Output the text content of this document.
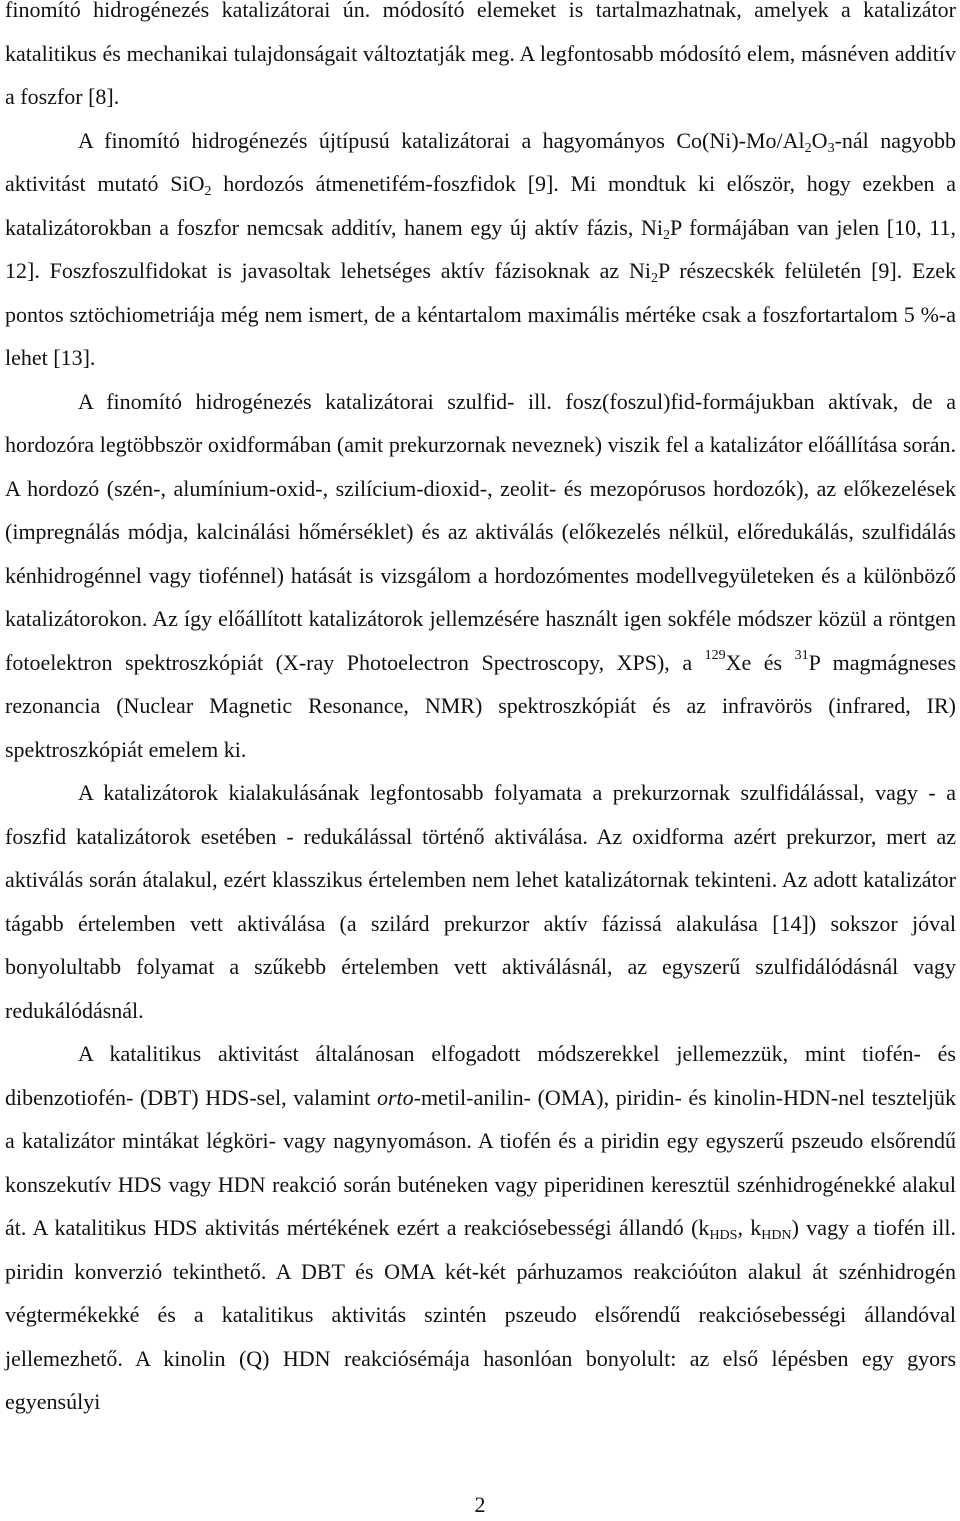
finomító hidrogénezés katalizátorai ún. módosító elemeket is tartalmazhatnak, amelyek a katalizátor katalitikus és mechanikai tulajdonságait változtatják meg. A legfontosabb módosító elem, másnéven additív a foszfor [8].

A finomító hidrogénezés újtípusú katalizátorai a hagyományos $Co(Ni)-Mo/Al_2O_3$-nál nagyobb aktivitást mutató SiO$_2$ hordozós átmenetifém-foszfidok [9]. Mi mondtuk ki először, hogy ezekben a katalizátorokban a foszfor nemcsak additív, hanem egy új aktív fázis, $Ni_2P$ formájában van jelen [10, 11, 12]. Foszfoszulfidokat is javasoltak lehetséges aktív fázisoknak az $Ni_2P$ részecskék felületén [9]. Ezek pontos sztöchiometriája még nem ismert, de a kéntartalom maximális mértéke csak a foszfortartalom 5 %-a lehet [13].

A finomító hidrogénezés katalizátorai szulfid- ill. fosz(foszul)fid-formájukban aktívak, de a hordozóra legtöbbször oxidformában (amit prekurzornak neveznek) viszik fel a katalizátor előállítása során. A hordozó (szén-, alumínium-oxid-, szilícium-dioxid-, zeolit- és mezopórusos hordozók), az előkezelések (impregnálás módja, kalcinálási hőmérséklet) és az aktiválás (előkezelés nélkül, előredukálás, szulfidálás kénhidrogénnel vagy tiofénnel) hatását is vizsgálom a hordozómentes modellvegyületeken és a különböző katalizátorokon. Az így előállított katalizátorok jellemzésére használt igen sokféle módszer közül a röntgen fotoelektron spektroszkópiát (X-ray Photoelectron Spectroscopy, XPS), a $^{129}$Xe és $^{31}$P magmágneses rezonancia (Nuclear Magnetic Resonance, NMR) spektroszkópiát és az infravörös (infrared, IR) spektroszkópiát emelem ki.

A katalizátorok kialakulásának legfontosabb folyamata a prekurzornak szulfidálással, vagy - a foszfid katalizátorok esetében - redukálással történő aktiválása. Az oxidforma azért prekurzor, mert az aktiválás során átalakul, ezért klasszikus értelemben nem lehet katalizátornak tekinteni. Az adott katalizátor tágabb értelemben vett aktiválása (a szilárd prekurzor aktív fázissá alakulása [14]) sokszor jóval bonyolultabb folyamat a szűkebb értelemben vett aktiválásnál, az egyszerű szulfidálódásnál vagy redukálódásnál.

A katalitikus aktivitást általánosan elfogadott módszerekkel jellemezzük, mint tiofén- és dibenzotiofén- (DBT) HDS-sel, valamint orto-metil-anilin- (OMA), piridin- és kinolin-HDN-nel teszteljük a katalizátor mintákat légköri- vagy nagynyomáson. A tiofén és a piridin egy egyszerű pszeudo elsőrendű konszekutív HDS vagy HDN reakció során buténeken vagy piperidinen keresztül szénhidrogénekké alakul át. A katalitikus HDS aktivitás mértékének ezért a reakciósebességi állandó ($k_{HDS}$, $k_{HDN}$) vagy a tiofén ill. piridin konverzió tekinthető. A DBT és OMA két-két párhuzamos reakcióúton alakul át szénhidrogén végtermékekké és a katalitikus aktivitás szintén pszeudo elsőrendű reakciósebességi állandóval jellemezhető. A kinolin (Q) HDN reakciósémája hasonlóan bonyolult: az első lépésben egy gyors egyensúlyi

2
